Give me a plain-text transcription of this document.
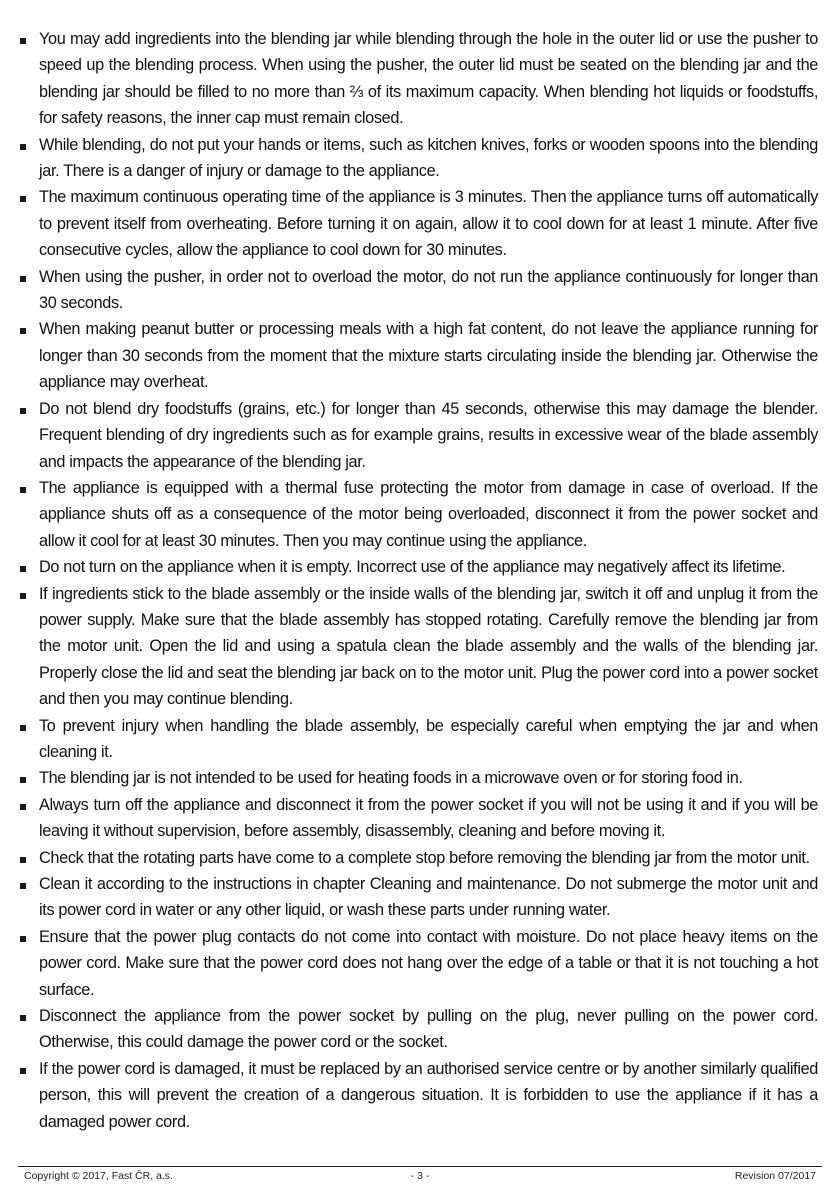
You may add ingredients into the blending jar while blending through the hole in the outer lid or use the pusher to speed up the blending process. When using the pusher, the outer lid must be seated on the blending jar and the blending jar should be filled to no more than ⅔ of its maximum capacity. When blending hot liquids or foodstuffs, for safety reasons, the inner cap must remain closed.
While blending, do not put your hands or items, such as kitchen knives, forks or wooden spoons into the blending jar. There is a danger of injury or damage to the appliance.
The maximum continuous operating time of the appliance is 3 minutes. Then the appliance turns off automatically to prevent itself from overheating. Before turning it on again, allow it to cool down for at least 1 minute. After five consecutive cycles, allow the appliance to cool down for 30 minutes.
When using the pusher, in order not to overload the motor, do not run the appliance continuously for longer than 30 seconds.
When making peanut butter or processing meals with a high fat content, do not leave the appliance running for longer than 30 seconds from the moment that the mixture starts circulating inside the blending jar. Otherwise the appliance may overheat.
Do not blend dry foodstuffs (grains, etc.) for longer than 45 seconds, otherwise this may damage the blender. Frequent blending of dry ingredients such as for example grains, results in excessive wear of the blade assembly and impacts the appearance of the blending jar.
The appliance is equipped with a thermal fuse protecting the motor from damage in case of overload. If the appliance shuts off as a consequence of the motor being overloaded, disconnect it from the power socket and allow it cool for at least 30 minutes. Then you may continue using the appliance.
Do not turn on the appliance when it is empty. Incorrect use of the appliance may negatively affect its lifetime.
If ingredients stick to the blade assembly or the inside walls of the blending jar, switch it off and unplug it from the power supply. Make sure that the blade assembly has stopped rotating. Carefully remove the blending jar from the motor unit. Open the lid and using a spatula clean the blade assembly and the walls of the blending jar. Properly close the lid and seat the blending jar back on to the motor unit. Plug the power cord into a power socket and then you may continue blending.
To prevent injury when handling the blade assembly, be especially careful when emptying the jar and when cleaning it.
The blending jar is not intended to be used for heating foods in a microwave oven or for storing food in.
Always turn off the appliance and disconnect it from the power socket if you will not be using it and if you will be leaving it without supervision, before assembly, disassembly, cleaning and before moving it.
Check that the rotating parts have come to a complete stop before removing the blending jar from the motor unit.
Clean it according to the instructions in chapter Cleaning and maintenance. Do not submerge the motor unit and its power cord in water or any other liquid, or wash these parts under running water.
Ensure that the power plug contacts do not come into contact with moisture. Do not place heavy items on the power cord. Make sure that the power cord does not hang over the edge of a table or that it is not touching a hot surface.
Disconnect the appliance from the power socket by pulling on the plug, never pulling on the power cord. Otherwise, this could damage the power cord or the socket.
If the power cord is damaged, it must be replaced by an authorised service centre or by another similarly qualified person, this will prevent the creation of a dangerous situation. It is forbidden to use the appliance if it has a damaged power cord.
Copyright © 2017, Fast ČR, a.s.	- 3 -	Revision 07/2017
